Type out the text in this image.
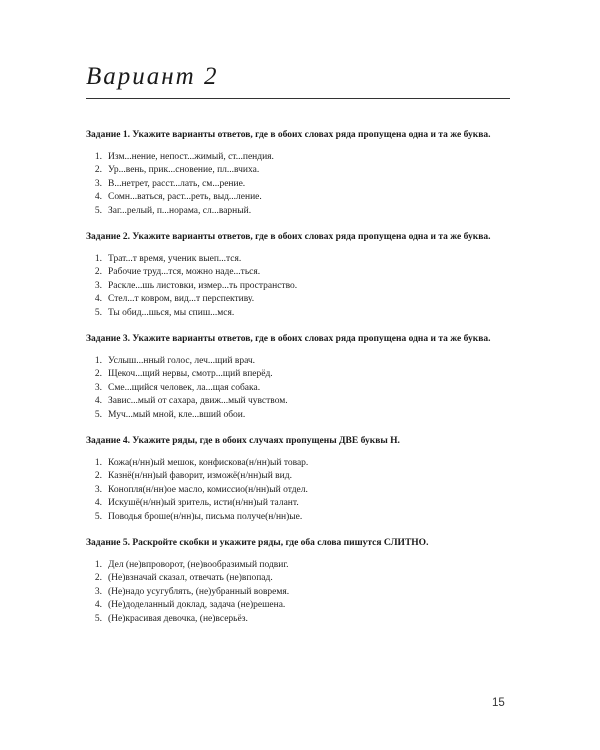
Вариант 2
Задание 1. Укажите варианты ответов, где в обоих словах ряда пропущена одна и та же буква.
1. Изм...нение, непост...жимый, ст...пендия.
2. Ур...вень, прик...сновение, пл...вчиха.
3. В...нетрет, расст...лать, см...рение.
4. Сомн...ваться, раст...реть, выд...ление.
5. Заг...релый, п...норама, сл...варный.
Задание 2. Укажите варианты ответов, где в обоих словах ряда пропущена одна и та же буква.
1. Трат...т время, ученик выеп...тся.
2. Рабочие труд...тся, можно наде...ться.
3. Раскле...шь листовки, измер...ть пространство.
4. Стел...т ковром, вид...т перспективу.
5. Ты обид...шься, мы спиш...мся.
Задание 3. Укажите варианты ответов, где в обоих словах ряда пропущена одна и та же буква.
1. Услыш...нный голос, леч...щий врач.
2. Щекоч...щий нервы, смотр...щий вперёд.
3. Сме...щийся человек, ла...щая собака.
4. Завис...мый от сахара, движ...мый чувством.
5. Муч...мый мной, кле...вший обои.
Задание 4. Укажите ряды, где в обоих случаях пропущены ДВЕ буквы Н.
1. Кожа(н/нн)ый мешок, конфискова(н/нн)ый товар.
2. Казнё(н/нн)ый фаворит, изможё(н/нн)ый вид.
3. Конопля(н/нн)ое масло, комиссио(н/нн)ый отдел.
4. Искушё(н/нн)ый зритель, исти(н/нн)ый талант.
5. Поводья броше(н/нн)ы, письма получе(н/нн)ые.
Задание 5. Раскройте скобки и укажите ряды, где оба слова пишутся СЛИТНО.
1. Дел (не)впроворот, (не)вообразимый подвиг.
2. (Не)взначай сказал, отвечать (не)впопад.
3. (Не)надо усугублять, (не)убранный вовремя.
4. (Не)доделанный доклад, задача (не)решена.
5. (Не)красивая девочка, (не)всерьёз.
15
